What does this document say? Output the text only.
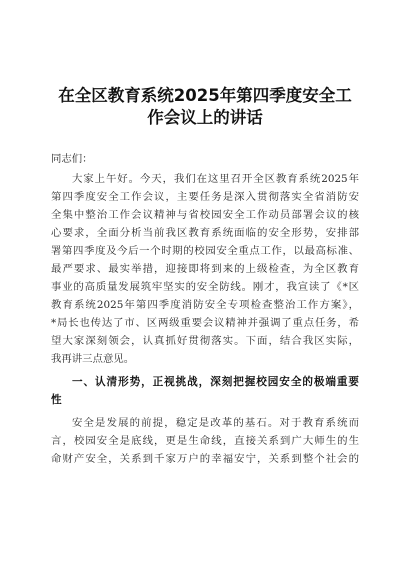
在全区教育系统2025年第四季度安全工
作会议上的讲话
同志们：
大家上午好。今天，我们在这里召开全区教育系统2025年
第四季度安全工作会议，主要任务是深入贯彻落实全省消防安
全集中整治工作会议精神与省校园安全工作动员部署会议的核
心要求，全面分析当前我区教育系统面临的安全形势，安排部
署第四季度及今后一个时期的校园安全重点工作，以最高标准、
最严要求、最实举措，迎接即将到来的上级检查，为全区教育
事业的高质量发展筑牢坚实的安全防线。刚才，我宣读了《*区
教育系统2025年第四季度消防安全专项检查整治工作方案》，
*局长也传达了市、区两级重要会议精神并强调了重点任务，希
望大家深刻领会，认真抓好贯彻落实。下面，结合我区实际，
我再讲三点意见。
一、认清形势，正视挑战，深刻把握校园安全的极端重要
性
安全是发展的前提，稳定是改革的基石。对于教育系统而
言，校园安全是底线，更是生命线，直接关系到广大师生的生
命财产安全，关系到千家万户的幸福安宁，关系到整个社会的
